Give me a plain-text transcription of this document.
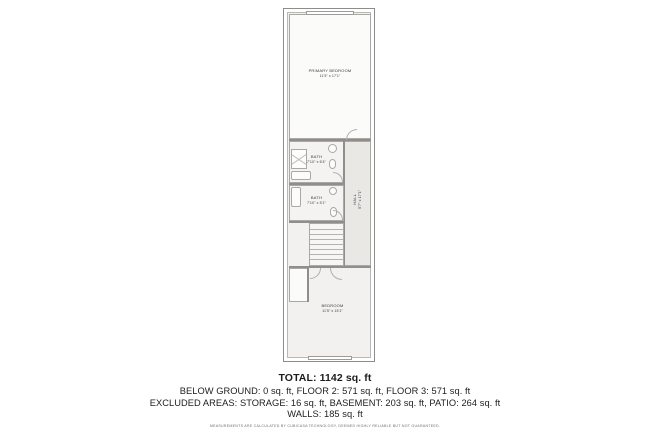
PRIMARY BEDROOM
11'5" x 17'1"
BATH
7'10" x 6'4"
HALL 5'7" x 17'1"
BATH
7'10" x 5'1"
BEDROOM
11'5" x 15'1"
TOTAL: 1142 sq. ft
BELOW GROUND: 0 sq. ft, FLOOR 2: 571 sq. ft, FLOOR 3: 571 sq. ft
EXCLUDED AREAS: STORAGE: 16 sq. ft, BASEMENT: 203 sq. ft, PATIO: 264 sq. ft
WALLS: 185 sq. ft
MEASUREMENTS ARE CALCULATED BY CUBICASA TECHNOLOGY, DEEMED HIGHLY RELIABLE BUT NOT GUARANTEED.
